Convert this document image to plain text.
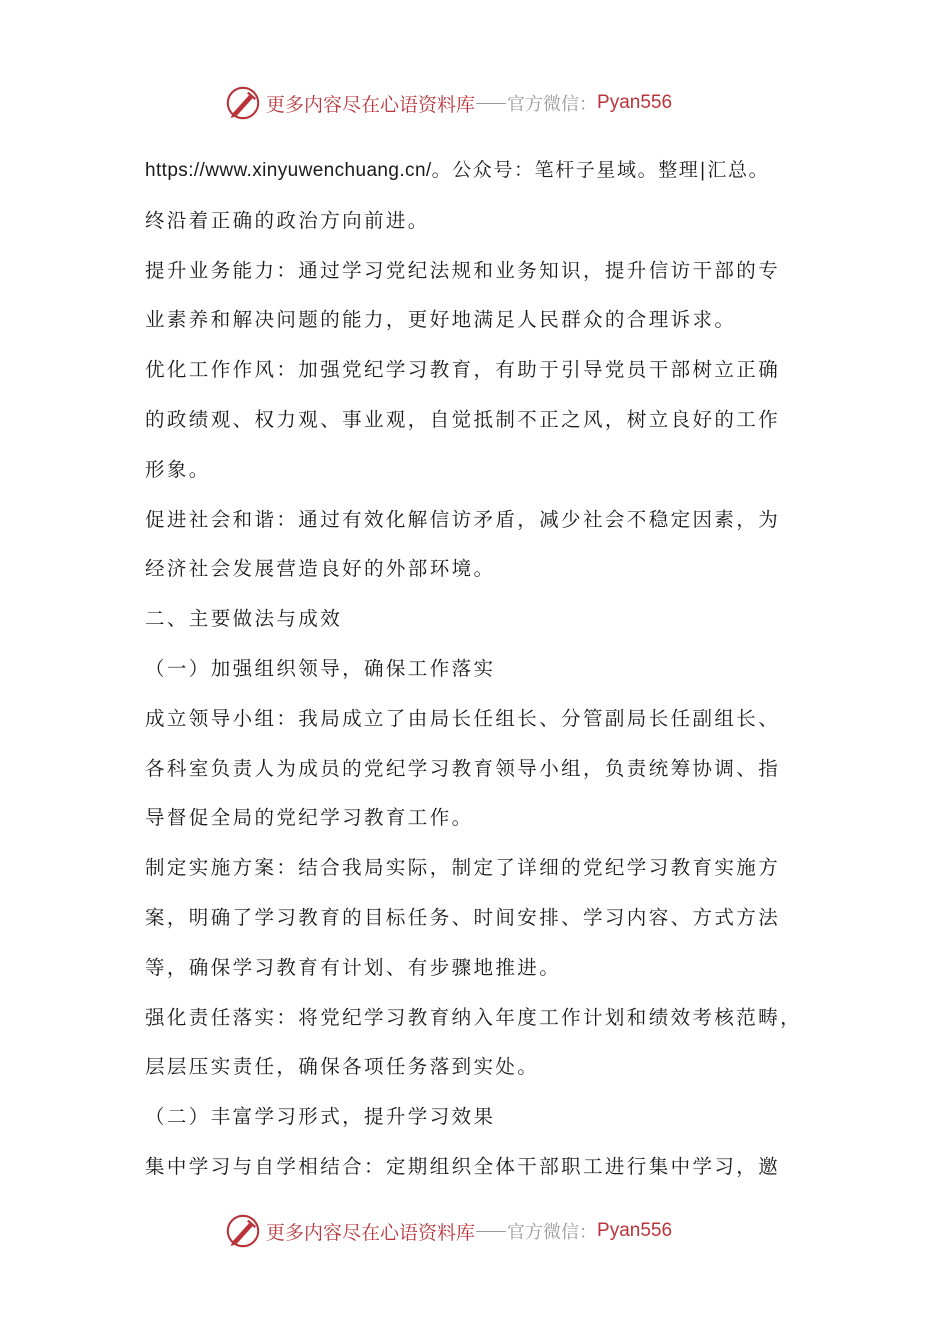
更多内容尽在心语资料库 官方微信： Pyan556
https://www.xinyuwenchuang.cn/。公众号：笔杆子星域。整理|汇总。
终沿着正确的政治方向前进。
提升业务能力：通过学习党纪法规和业务知识，提升信访干部的专
业素养和解决问题的能力，更好地满足人民群众的合理诉求。
优化工作作风：加强党纪学习教育，有助于引导党员干部树立正确
的政绩观、权力观、事业观，自觉抵制不正之风，树立良好的工作
形象。
促进社会和谐：通过有效化解信访矛盾，减少社会不稳定因素，为
经济社会发展营造良好的外部环境。
二、主要做法与成效
（一）加强组织领导，确保工作落实
成立领导小组：我局成立了由局长任组长、分管副局长任副组长、
各科室负责人为成员的党纪学习教育领导小组，负责统筹协调、指
导督促全局的党纪学习教育工作。
制定实施方案：结合我局实际，制定了详细的党纪学习教育实施方
案，明确了学习教育的目标任务、时间安排、学习内容、方式方法
等，确保学习教育有计划、有步骤地推进。
强化责任落实：将党纪学习教育纳入年度工作计划和绩效考核范畴，
层层压实责任，确保各项任务落到实处。
（二）丰富学习形式，提升学习效果
集中学习与自学相结合：定期组织全体干部职工进行集中学习，邀
更多内容尽在心语资料库 官方微信： Pyan556
